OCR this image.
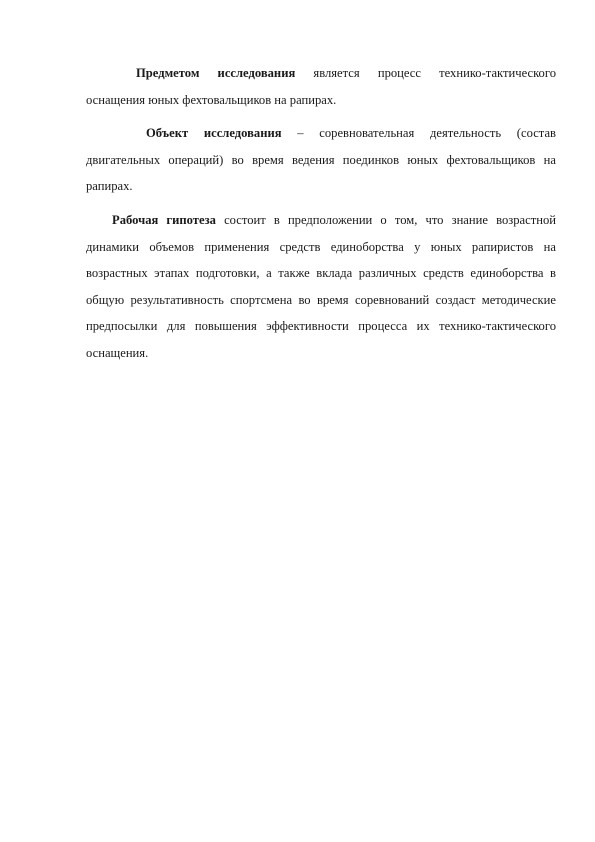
Предметом исследования является процесс технико-тактического оснащения юных фехтовальщиков на рапирах.

Объект исследования – соревновательная деятельность (состав двигательных операций) во время ведения поединков юных фехтовальщиков на рапирах.

Рабочая гипотеза состоит в предположении о том, что знание возрастной динамики объемов применения средств единоборства у юных рапиристов на возрастных этапах подготовки, а также вклада различных средств единоборства в общую результативность спортсмена во время соревнований создаст методические предпосылки для повышения эффективности процесса их технико-тактического оснащения.
